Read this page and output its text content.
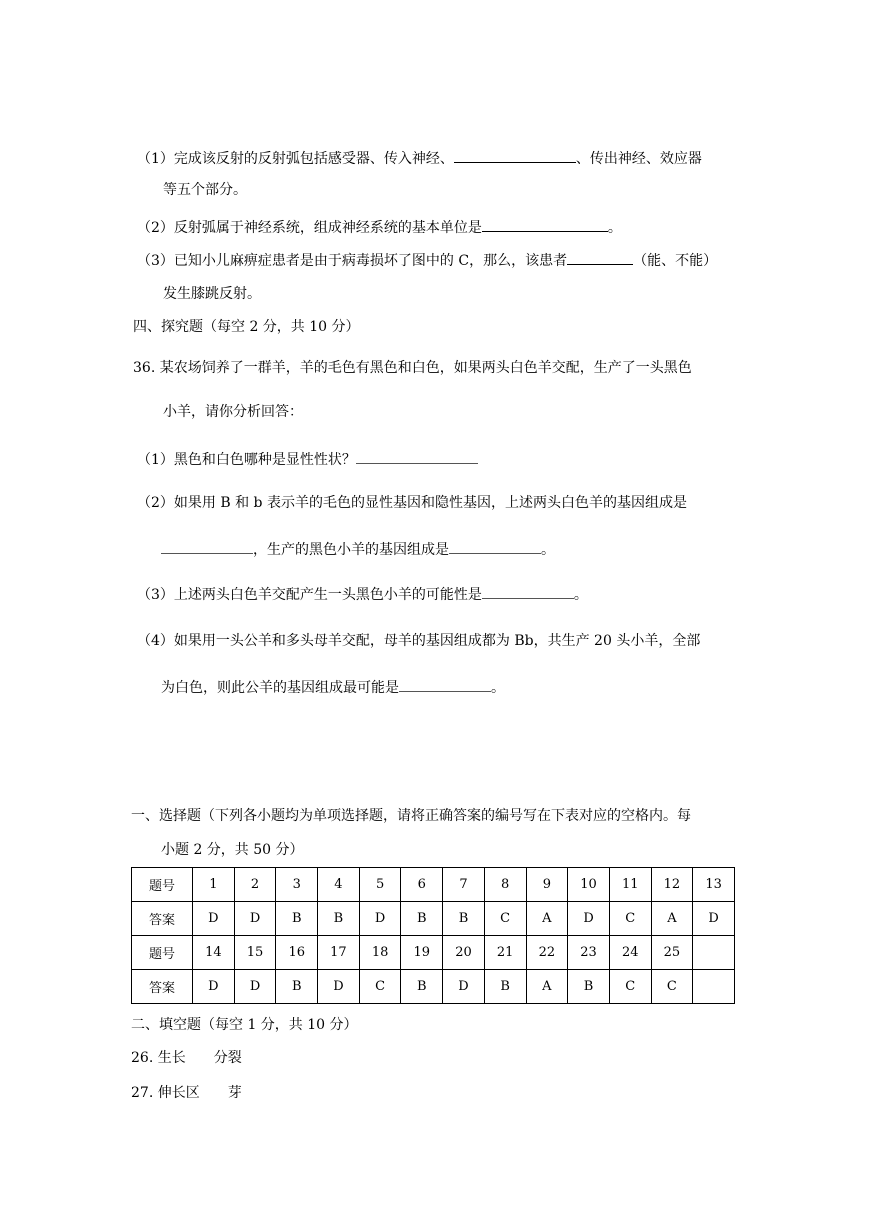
（1）完成该反射的反射弧包括感受器、传入神经、	、传出神经、效应器
等五个部分。
（2）反射弧属于神经系统，组成神经系统的基本单位是	。
（3）已知小儿麻痹症患者是由于病毒损坏了图中的 C，那么，该患者	（能、不能）
发生膝跳反射。
四、探究题（每空 2 分，共 10 分）
36. 某农场饲养了一群羊，羊的毛色有黑色和白色，如果两头白色羊交配，生产了一头黑色
小羊，请你分析回答：
（1）黑色和白色哪种是显性性状？
（2）如果用 B 和 b 表示羊的毛色的显性基因和隐性基因，上述两头白色羊的基因组成是
，生产的黑色小羊的基因组成是	。
（3）上述两头白色羊交配产生一头黑色小羊的可能性是	。
（4）如果用一头公羊和多头母羊交配，母羊的基因组成都为 Bb，共生产 20 头小羊，全部
为白色，则此公羊的基因组成最可能是	。
一、选择题（下列各小题均为单项选择题，请将正确答案的编号写在下表对应的空格内。每
小题 2 分，共 50 分）
题号	1	2	3	4	5	6	7	8	9	10	11	12	13
答案	D	D	B	B	D	B	B	C	A	D	C	A	D
题号	14	15	16	17	18	19	20	21	22	23	24	25	
答案	D	D	B	D	C	B	D	B	A	B	C	C	
二、填空题（每空 1 分，共 10 分）
26. 生长　　分裂
27. 伸长区　　芽
